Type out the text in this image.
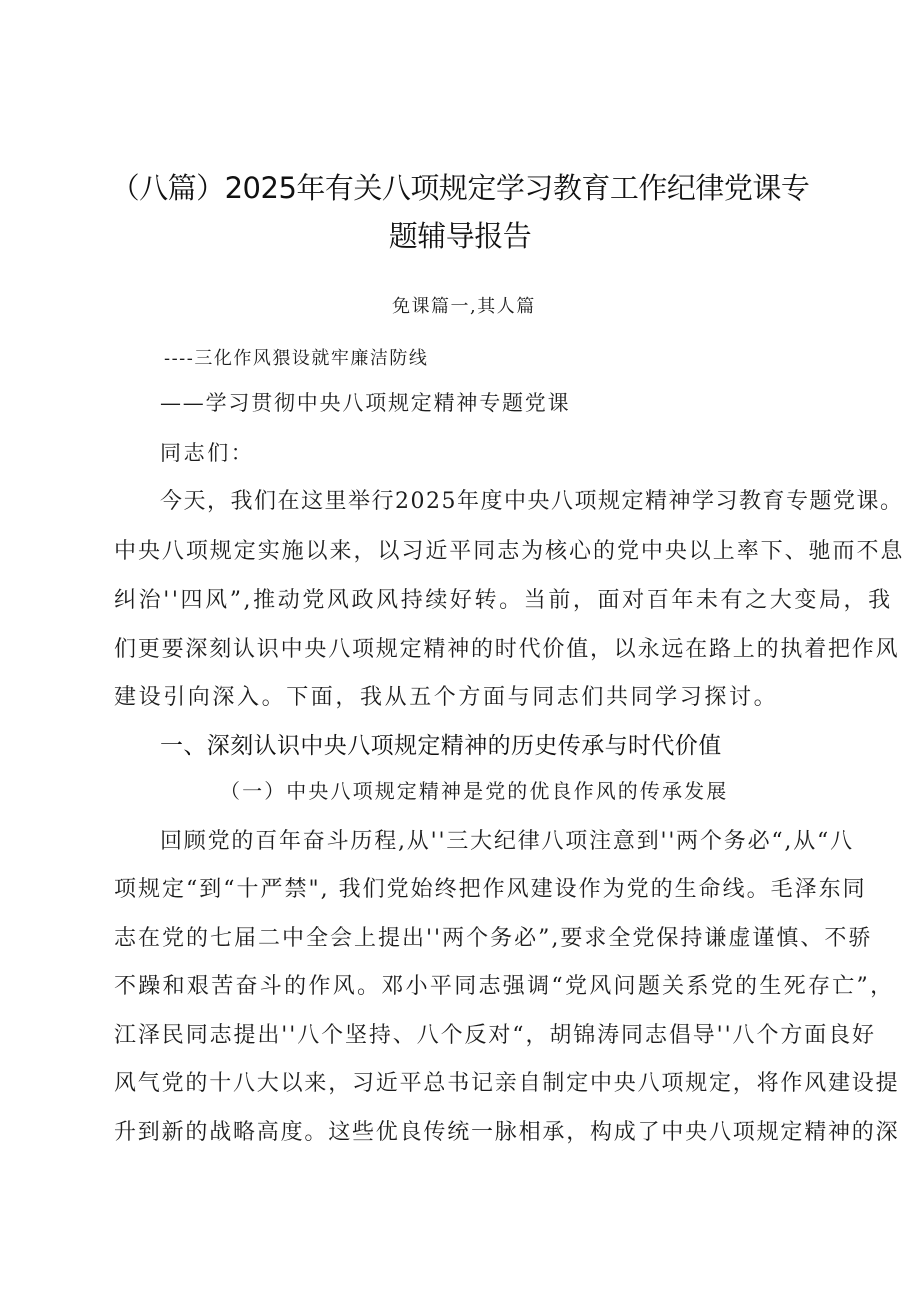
（八篇）2025年有关八项规定学习教育工作纪律党课专
题辅导报告
免课篇一,其人篇
----三化作风猥设就牢廉洁防线
——学习贯彻中央八项规定精神专题党课
同志们：
今天，我们在这里举行2025年度中央八项规定精神学习教育专题党课。
中央八项规定实施以来，以习近平同志为核心的党中央以上率下、驰而不息
纠治''四风”,推动党风政风持续好转。当前，面对百年未有之大变局，我
们更要深刻认识中央八项规定精神的时代价值，以永远在路上的执着把作风
建设引向深入。下面，我从五个方面与同志们共同学习探讨。
一、深刻认识中央八项规定精神的历史传承与时代价值
（一）中央八项规定精神是党的优良作风的传承发展
回顾党的百年奋斗历程,从''三大纪律八项注意到''两个务必“,从“八
项规定“到“十严禁", 我们党始终把作风建设作为党的生命线。毛泽东同
志在党的七届二中全会上提出''两个务必”,要求全党保持谦虚谨慎、不骄
不躁和艰苦奋斗的作风。邓小平同志强调“党风问题关系党的生死存亡”，
江泽民同志提出''八个坚持、八个反对“，胡锦涛同志倡导''八个方面良好
风气党的十八大以来，习近平总书记亲自制定中央八项规定，将作风建设提
升到新的战略高度。这些优良传统一脉相承，构成了中央八项规定精神的深
